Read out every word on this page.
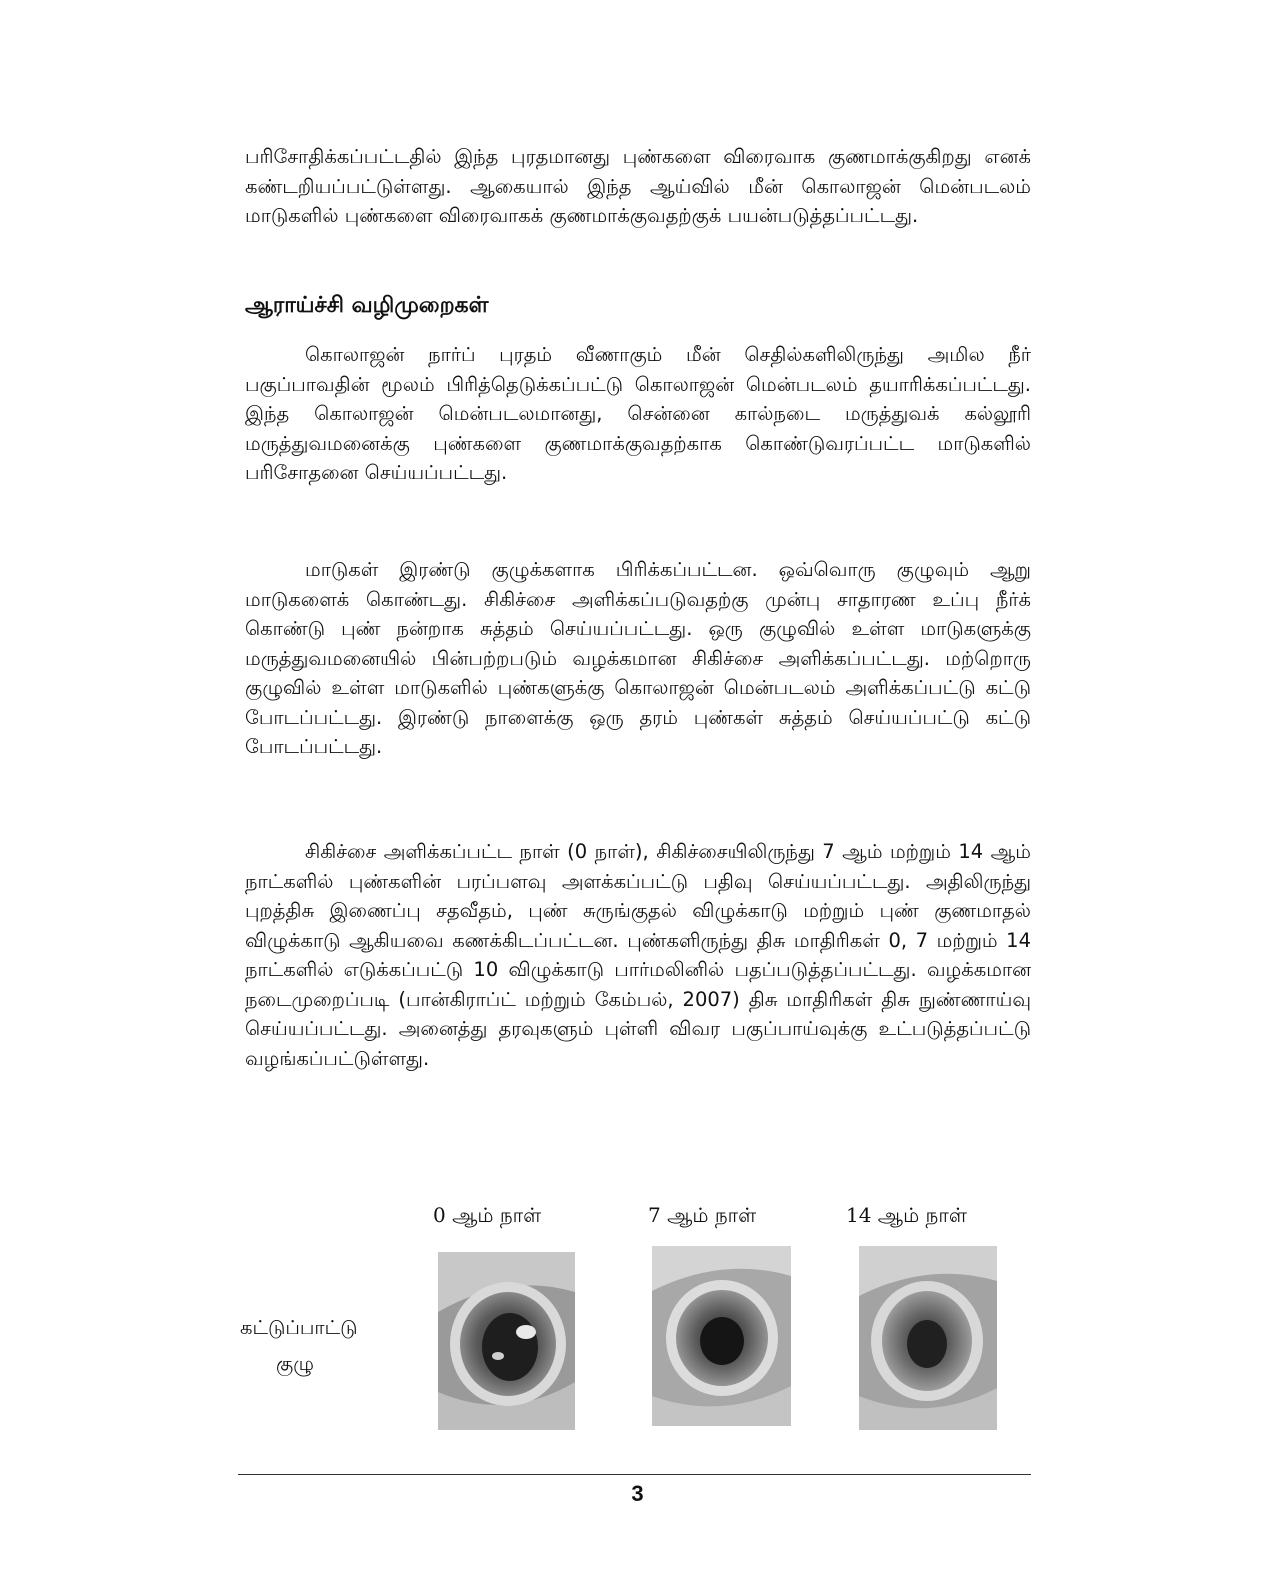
பரிசோதிக்கப்பட்டதில் இந்த புரதமானது புண்களை விரைவாக குணமாக்குகிறது எனக் கண்டறியப்பட்டுள்ளது. ஆகையால் இந்த ஆய்வில் மீன் கொலாஜன் மென்படலம் மாடுகளில் புண்களை விரைவாகக் குணமாக்குவதற்குக் பயன்படுத்தப்பட்டது.

ஆராய்ச்சி வழிமுறைகள்

கொலாஜன் நார்ப் புரதம் வீணாகும் மீன் செதில்களிலிருந்து அமில நீர் பகுப்பாவதின் மூலம் பிரித்தெடுக்கப்பட்டு கொலாஜன் மென்படலம் தயாரிக்கப்பட்டது. இந்த கொலாஜன் மென்படலமானது, சென்னை கால்நடை மருத்துவக் கல்லூரி மருத்துவமனைக்கு புண்களை குணமாக்குவதற்காக கொண்டுவரப்பட்ட மாடுகளில் பரிசோதனை செய்யப்பட்டது.

மாடுகள் இரண்டு குழுக்களாக பிரிக்கப்பட்டன. ஒவ்வொரு குழுவும் ஆறு மாடுகளைக் கொண்டது. சிகிச்சை அளிக்கப்படுவதற்கு முன்பு சாதாரண உப்பு நீர்க் கொண்டு புண் நன்றாக சுத்தம் செய்யப்பட்டது. ஒரு குழுவில் உள்ள மாடுகளுக்கு மருத்துவமனையில் பின்பற்றபடும் வழக்கமான சிகிச்சை அளிக்கப்பட்டது. மற்றொரு குழுவில் உள்ள மாடுகளில் புண்களுக்கு கொலாஜன் மென்படலம் அளிக்கப்பட்டு கட்டு போடப்பட்டது. இரண்டு நாளைக்கு ஒரு தரம் புண்கள் சுத்தம் செய்யப்பட்டு கட்டு போடப்பட்டது.

சிகிச்சை அளிக்கப்பட்ட நாள் (0 நாள்), சிகிச்சையிலிருந்து 7 ஆம் மற்றும் 14 ஆம் நாட்களில் புண்களின் பரப்பளவு அளக்கப்பட்டு பதிவு செய்யப்பட்டது. அதிலிருந்து புறத்திசு இணைப்பு சதவீதம், புண் சுருங்குதல் விழுக்காடு மற்றும் புண் குணமாதல் விழுக்காடு ஆகியவை கணக்கிடப்பட்டன. புண்களிருந்து திசு மாதிரிகள் 0, 7 மற்றும் 14 நாட்களில் எடுக்கப்பட்டு 10 விழுக்காடு பார்மலினில் பதப்படுத்தப்பட்டது. வழக்கமான நடைமுறைப்படி (பான்கிராப்ட் மற்றும் கேம்பல், 2007) திசு மாதிரிகள் திசு நுண்ணாய்வு செய்யப்பட்டது. அனைத்து தரவுகளும் புள்ளி விவர பகுப்பாய்வுக்கு உட்படுத்தப்பட்டு வழங்கப்பட்டுள்ளது.

0 ஆம் நாள்	7 ஆம் நாள்	14 ஆம் நாள்
கட்டுப்பாட்டு
குழு
3
